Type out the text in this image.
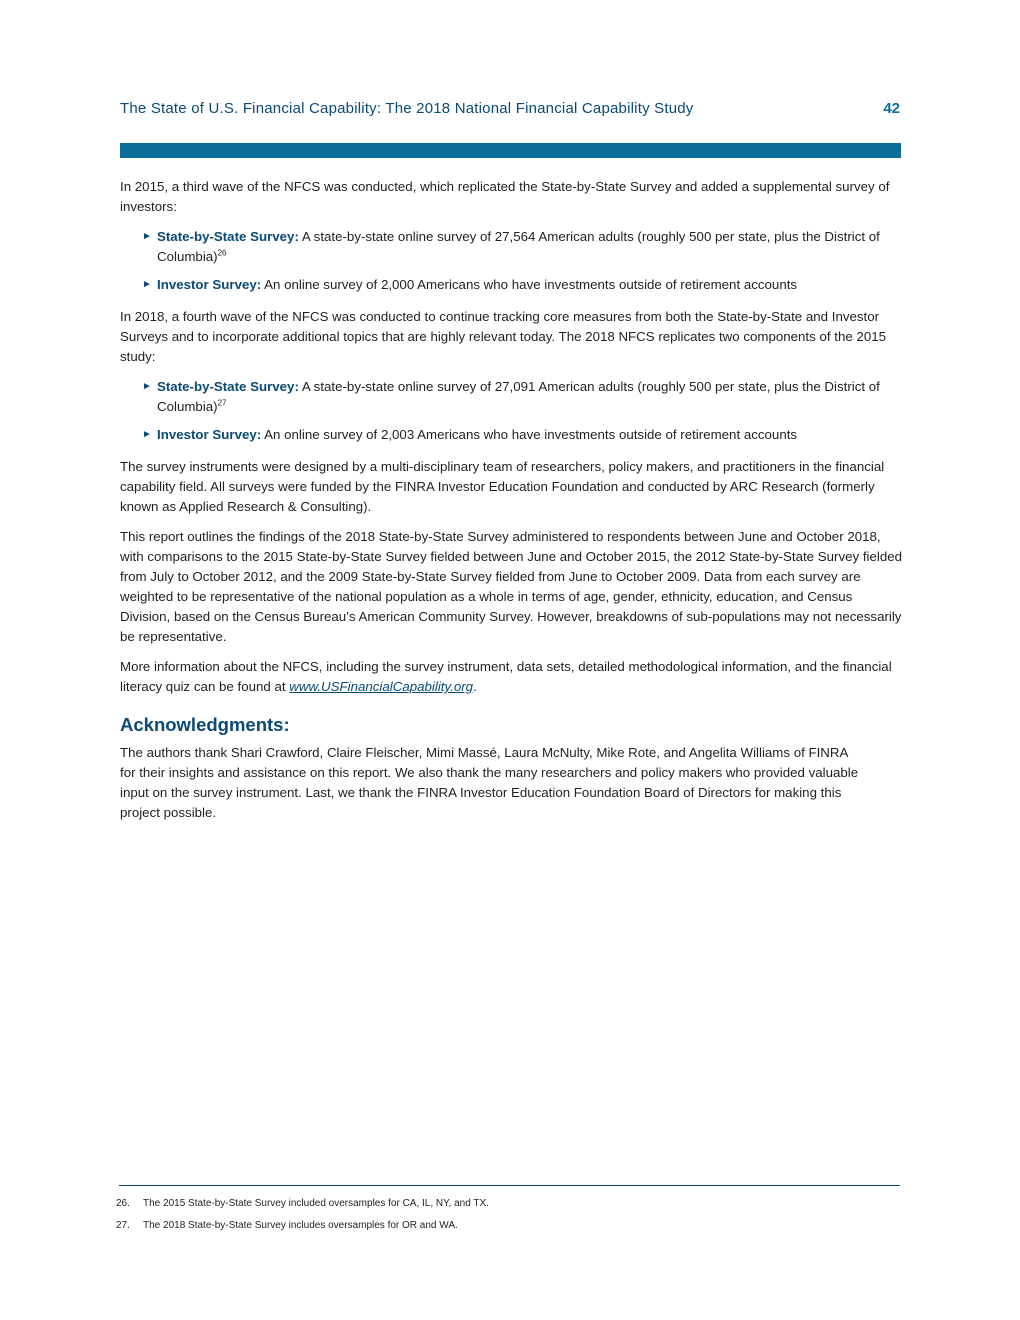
The State of U.S. Financial Capability: The 2018 National Financial Capability Study	42

In 2015, a third wave of the NFCS was conducted, which replicated the State-by-State Survey and added a supplemental survey of investors:

► State-by-State Survey: A state-by-state online survey of 27,564 American adults (roughly 500 per state, plus the District of Columbia)$^{26}$
► Investor Survey: An online survey of 2,000 Americans who have investments outside of retirement accounts

In 2018, a fourth wave of the NFCS was conducted to continue tracking core measures from both the State-by-State and Investor Surveys and to incorporate additional topics that are highly relevant today. The 2018 NFCS replicates two components of the 2015 study:

► State-by-State Survey: A state-by-state online survey of 27,091 American adults (roughly 500 per state, plus the District of Columbia)$^{27}$
► Investor Survey: An online survey of 2,003 Americans who have investments outside of retirement accounts

The survey instruments were designed by a multi-disciplinary team of researchers, policy makers, and practitioners in the financial capability field. All surveys were funded by the FINRA Investor Education Foundation and conducted by ARC Research (formerly known as Applied Research & Consulting).

This report outlines the findings of the 2018 State-by-State Survey administered to respondents between June and October 2018, with comparisons to the 2015 State-by-State Survey fielded between June and October 2015, the 2012 State-by-State Survey fielded from July to October 2012, and the 2009 State-by-State Survey fielded from June to October 2009. Data from each survey are weighted to be representative of the national population as a whole in terms of age, gender, ethnicity, education, and Census Division, based on the Census Bureau’s American Community Survey. However, breakdowns of sub-populations may not necessarily be representative.

More information about the NFCS, including the survey instrument, data sets, detailed methodological information, and the financial literacy quiz can be found at www.USFinancialCapability.org.

Acknowledgments:

The authors thank Shari Crawford, Claire Fleischer, Mimi Massé, Laura McNulty, Mike Rote, and Angelita Williams of FINRA for their insights and assistance on this report. We also thank the many researchers and policy makers who provided valuable input on the survey instrument. Last, we thank the FINRA Investor Education Foundation Board of Directors for making this project possible.

26. The 2015 State-by-State Survey included oversamples for CA, IL, NY, and TX.
27. The 2018 State-by-State Survey includes oversamples for OR and WA.
